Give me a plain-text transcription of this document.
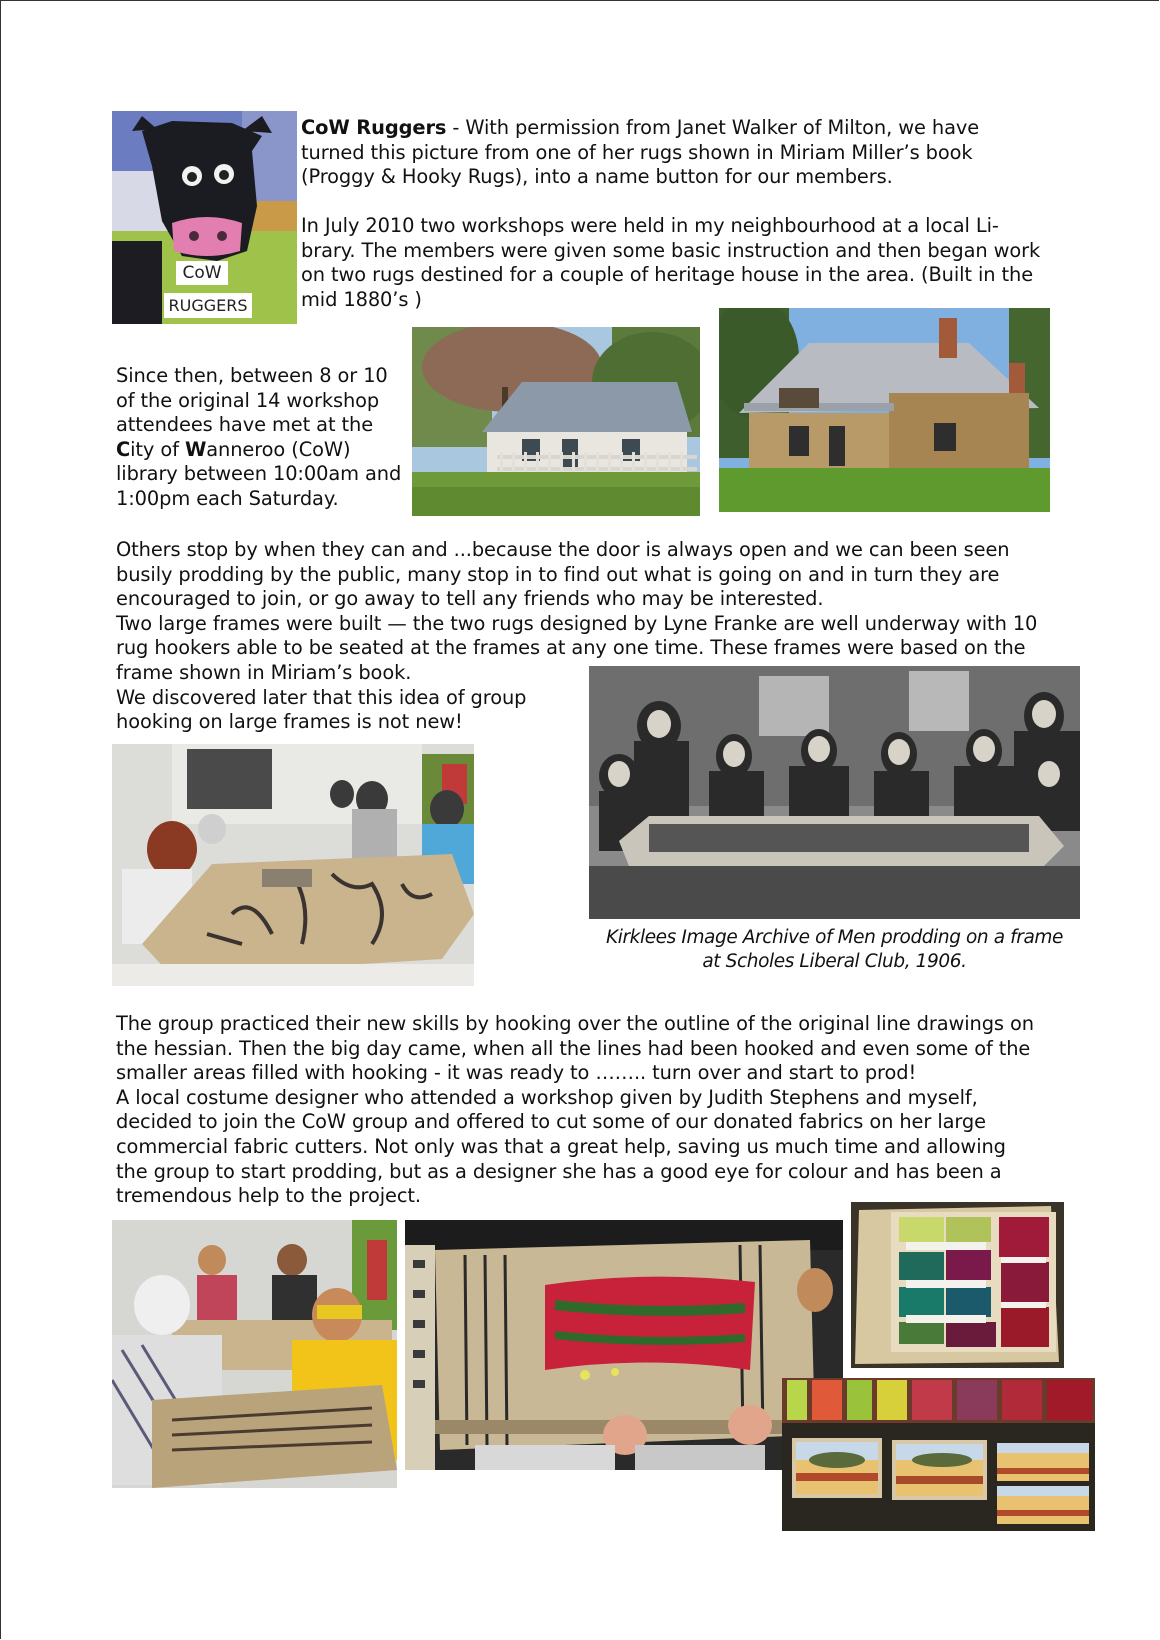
CoW
RUGGERS

CoW Ruggers - With permission from Janet Walker of Milton, we have turned this picture from one of her rugs shown in Miriam Miller’s book (Proggy & Hooky Rugs), into a name button for our members.

In July 2010 two workshops were held in my neighbourhood at a local Li-

brary. The members were given some basic instruction and then began work

on two rugs destined for a couple of heritage house in the area. (Built in the

mid 1880’s )

Since then, between 8 or 10

of the original 14 workshop

attendees have met at the

City of Wanneroo (CoW)

library between 10:00am and

1:00pm each Saturday.

Others stop by when they can and ...because the door is always open and we can been seen

busily prodding by the public, many stop in to find out what is going on and in turn they are

encouraged to join, or go away to tell any friends who may be interested.

Two large frames were built — the two rugs designed by Lyne Franke are well underway with 10

rug hookers able to be seated at the frames at any one time. These frames were based on the

frame shown in Miriam’s book.

We discovered later that this idea of group

hooking on large frames is not new!

Kirklees Image Archive of Men prodding on a frame
at Scholes Liberal Club, 1906.

The group practiced their new skills by hooking over the outline of the original line drawings on

the hessian. Then the big day came, when all the lines had been hooked and even some of the

smaller areas filled with hooking - it was ready to …….. turn over and start to prod!

A local costume designer who attended a workshop given by Judith Stephens and myself,

decided to join the CoW group and offered to cut some of our donated fabrics on her large

commercial fabric cutters. Not only was that a great help, saving us much time and allowing

the group to start prodding, but as a designer she has a good eye for colour and has been a

tremendous help to the project.
